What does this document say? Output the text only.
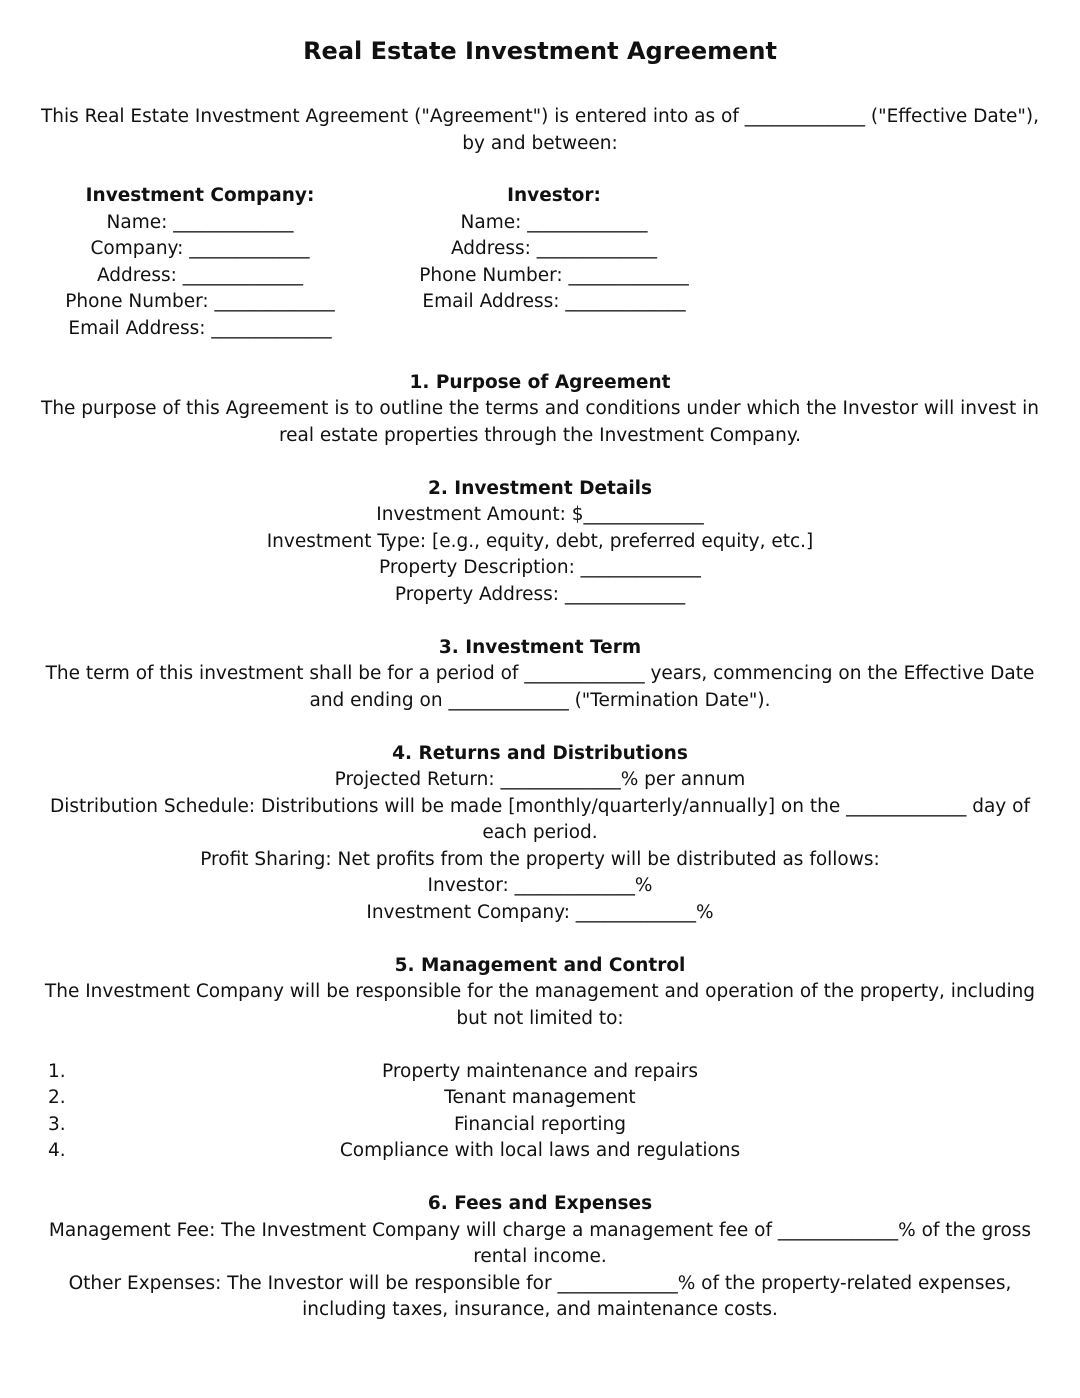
Real Estate Investment Agreement

This Real Estate Investment Agreement ("Agreement") is entered into as of _____________ ("Effective Date"),

by and between:

Investment Company:
Name: _____________
Company: _____________
Address: _____________
Phone Number: _____________
Email Address: _____________
Investor:
Name: _____________
Address: _____________
Phone Number: _____________
Email Address: _____________

1. Purpose of Agreement

The purpose of this Agreement is to outline the terms and conditions under which the Investor will invest in

real estate properties through the Investment Company.

2. Investment Details

Investment Amount: $_____________

Investment Type: [e.g., equity, debt, preferred equity, etc.]

Property Description: _____________

Property Address: _____________

3. Investment Term

The term of this investment shall be for a period of _____________ years, commencing on the Effective Date

and ending on _____________ ("Termination Date").

4. Returns and Distributions

Projected Return: _____________% per annum

Distribution Schedule: Distributions will be made [monthly/quarterly/annually] on the _____________ day of

each period.

Profit Sharing: Net profits from the property will be distributed as follows:

Investor: _____________%

Investment Company: _____________%

5. Management and Control

The Investment Company will be responsible for the management and operation of the property, including

but not limited to:

1.	Property maintenance and repairs
2.	Tenant management
3.	Financial reporting
4.	Compliance with local laws and regulations

6. Fees and Expenses

Management Fee: The Investment Company will charge a management fee of _____________% of the gross

rental income.

Other Expenses: The Investor will be responsible for _____________% of the property-related expenses,

including taxes, insurance, and maintenance costs.
